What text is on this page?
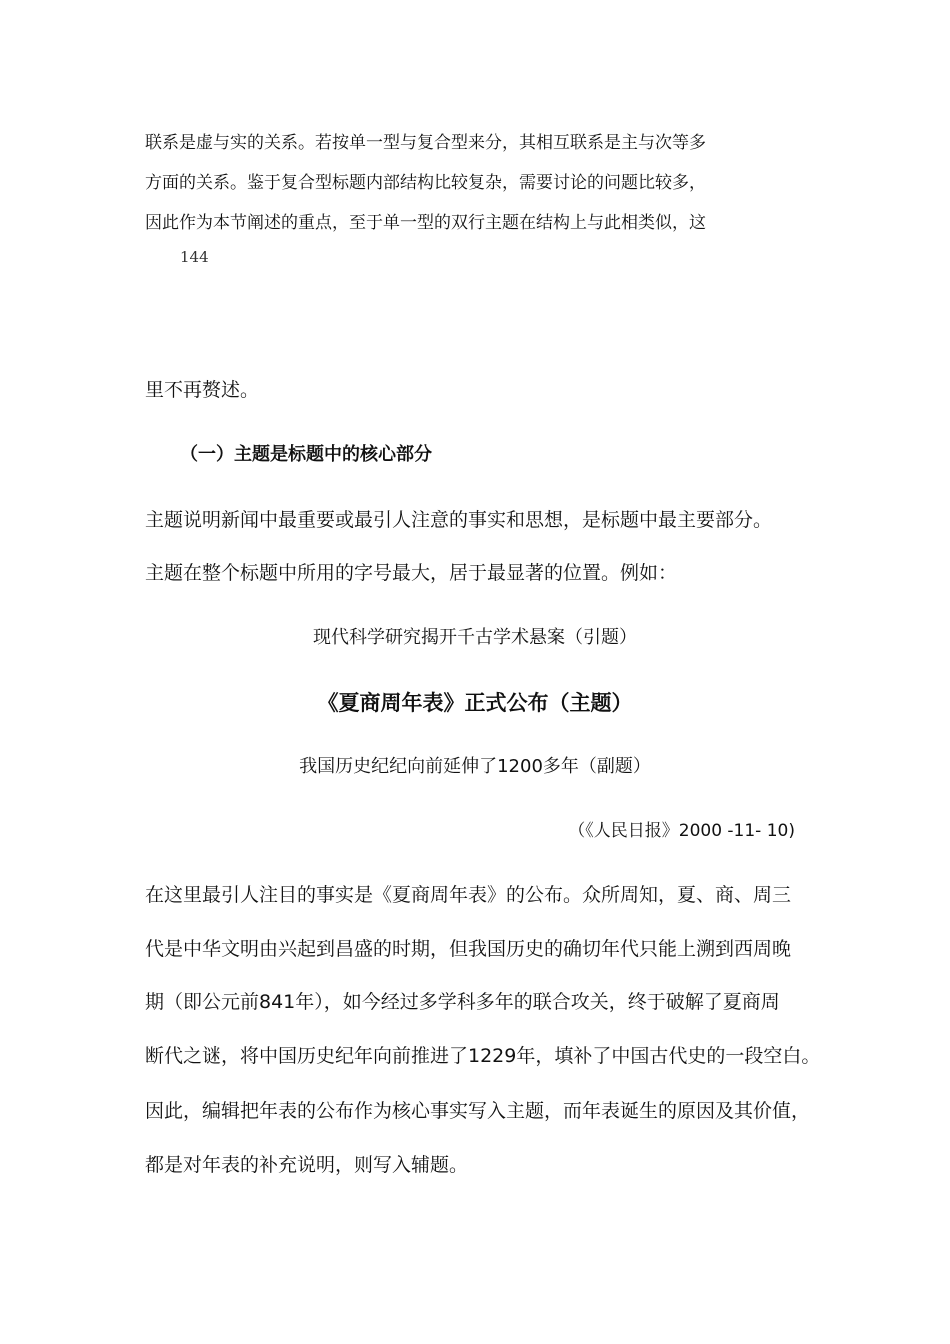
联系是虚与实的关系。若按单一型与复合型来分，其相互联系是主与次等多
方面的关系。鉴于复合型标题内部结构比较复杂，需要讨论的问题比较多，
因此作为本节阐述的重点，至于单一型的双行主题在结构上与此相类似，这
144
里不再赘述。
（一）主题是标题中的核心部分
主题说明新闻中最重要或最引人注意的事实和思想，是标题中最主要部分。
主题在整个标题中所用的字号最大，居于最显著的位置。例如：
现代科学研究揭开千古学术悬案（引题）
《夏商周年表》正式公布（主题）
我国历史纪纪向前延伸了1200多年（副题）
（《人民日报》2000 -11- 10)
在这里最引人注目的事实是《夏商周年表》的公布。众所周知，夏、商、周三
代是中华文明由兴起到昌盛的时期，但我国历史的确切年代只能上溯到西周晚
期（即公元前841年），如今经过多学科多年的联合攻关，终于破解了夏商周
断代之谜，将中国历史纪年向前推进了1229年，填补了中国古代史的一段空白。
因此，编辑把年表的公布作为核心事实写入主题，而年表诞生的原因及其价值，
都是对年表的补充说明，则写入辅题。
